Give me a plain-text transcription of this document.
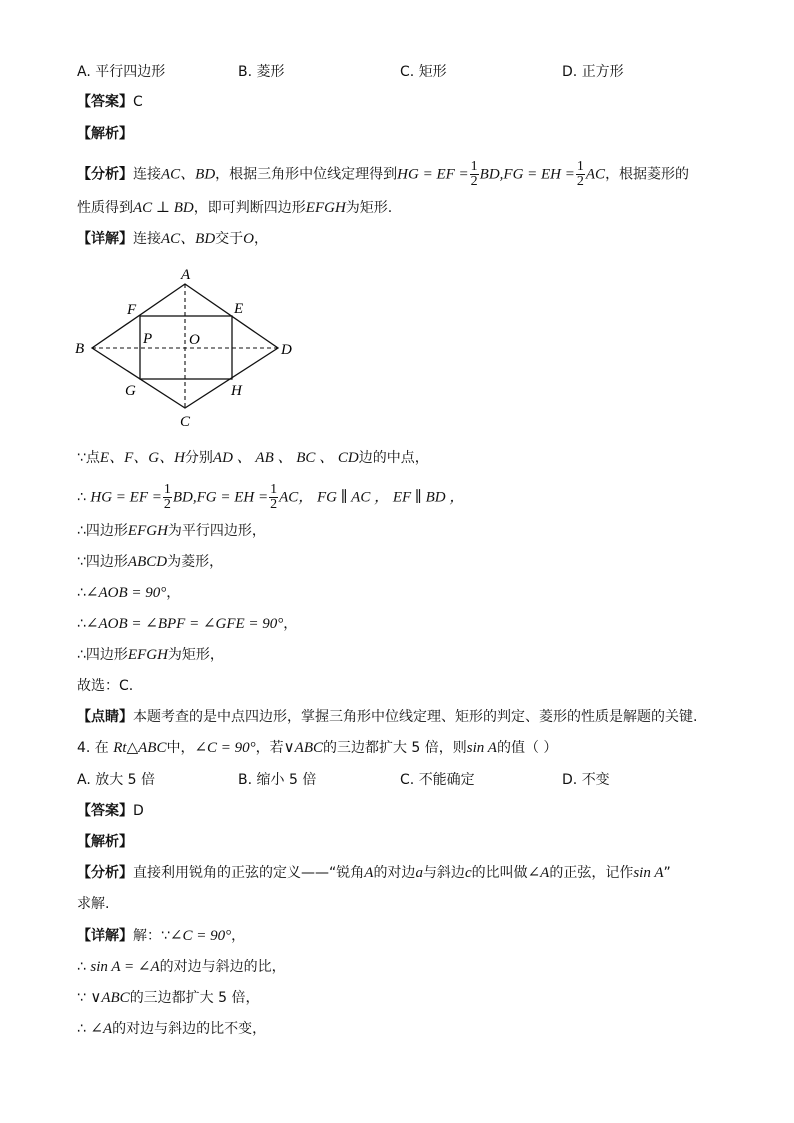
A. 平行四边形	B. 菱形	C. 矩形	D. 正方形
【答案】C
【解析】
【分析】连接AC、BD，根据三角形中位线定理得到HG = EF = $\frac{1}{2} BD,FG$ = EH = $\frac{1}{2}$ AC，根据菱形的
性质得到AC ⊥ BD，即可判断四边形EFGH为矩形.
【详解】连接AC、BD交于O，
A
B
C
D
E
F
G	H
O
P
∵点E、F、G、H分别AD 、 AB 、 BC 、 CD边的中点，
∴ HG = EF = $\frac{1}{2} BD,FG$ = EH = $\frac{1}{2}$ AC， FG ∥ AC ， EF ∥ BD ，
∴四边形EFGH为平行四边形，
∵四边形ABCD为菱形，
∴∠AOB = 90°，
∴∠AOB = ∠BPF = ∠GFE = 90°，
∴四边形EFGH为矩形，
故选：C.
【点睛】本题考查的是中点四边形，掌握三角形中位线定理、矩形的判定、菱形的性质是解题的关键.
4. 在 Rt△ABC中，∠C = 90°，若∨ABC的三边都扩大 5 倍，则sin A的值（ ）
A. 放大 5 倍	B. 缩小 5 倍	C. 不能确定	D. 不变
【答案】D
【解析】
【分析】直接利用锐角的正弦的定义——“锐角A的对边a与斜边c的比叫做∠A的正弦，记作sin A”
求解.
【详解】解：∵∠C = 90°，
∴ sin A = ∠A的对边与斜边的比，
∵ ∨ABC的三边都扩大 5 倍，
∴ ∠A的对边与斜边的比不变，
